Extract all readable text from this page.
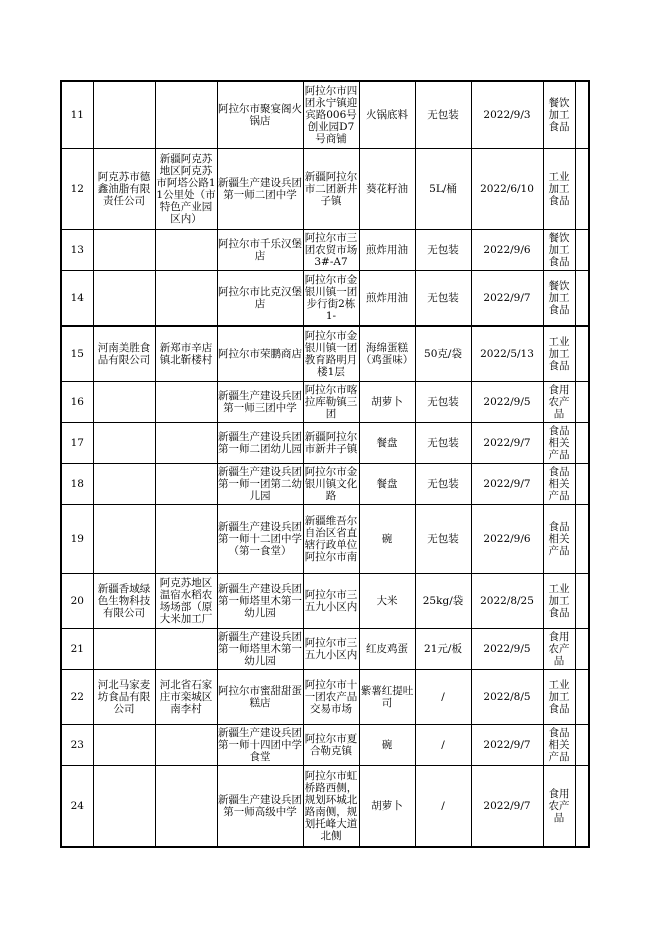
11			阿拉尔市聚宴阁火锅店	阿拉尔市四团永宁镇迎宾路006号创业园D7号商铺	火锅底料	无包装	2022/9/3	餐饮加工食品	

12	阿克苏市德鑫油脂有限责任公司	新疆阿克苏地区阿克苏市阿塔公路11公里处（市特色产业园区内）	新疆生产建设兵团第一师二团中学	新疆阿拉尔市二团新井子镇	葵花籽油	5L/桶	2022/6/10	工业加工食品	

13			阿拉尔市千乐汉堡店	阿拉尔市三团农贸市场3#-A7	煎炸用油	无包装	2022/9/6	餐饮加工食品	

14			阿拉尔市比克汉堡店	阿拉尔市金银川镇一团步行街2栋1-	煎炸用油	无包装	2022/9/7	餐饮加工食品	

15	河南美胜食品有限公司	新郑市辛店镇北靳楼村	阿拉尔市荣鹏商店	阿拉尔市金银川镇一团教育路明月楼1层	海绵蛋糕（鸡蛋味）	50克/袋	2022/5/13	工业加工食品	

16			新疆生产建设兵团第一师三团中学	阿拉尔市喀拉库勒镇三团	胡萝卜	无包装	2022/9/5	食用农产品	

17			新疆生产建设兵团第一师二团幼儿园	新疆阿拉尔市新井子镇	餐盘	无包装	2022/9/7	食品相关产品	

18			新疆生产建设兵团第一师一团第二幼儿园	阿拉尔市金银川镇文化路	餐盘	无包装	2022/9/7	食品相关产品	

19			新疆生产建设兵团第一师十二团中学（第一食堂）	新疆维吾尔自治区省直辖行政单位阿拉尔市南	碗	无包装	2022/9/6	食品相关产品	

20	新疆香域绿色生物科技有限公司	阿克苏地区温宿水稻农场场部（原大米加工厂	新疆生产建设兵团第一师塔里木第一幼儿园	阿拉尔市三五九小区内	大米	25kg/袋	2022/8/25	工业加工食品	

21			新疆生产建设兵团第一师塔里木第一幼儿园	阿拉尔市三五九小区内	红皮鸡蛋	21元/板	2022/9/5	食用农产品	

22	河北马家麦坊食品有限公司	河北省石家庄市栾城区南李村	阿拉尔市蜜甜甜蛋糕店	阿拉尔市十一团农产品交易市场	紫薯红提吐司	/	2022/8/5	工业加工食品	

23			新疆生产建设兵团第一师十四团中学食堂	阿拉尔市夏合勒克镇	碗	/	2022/9/7	食品相关产品	

24			新疆生产建设兵团第一师高级中学	阿拉尔市虹桥路西侧，规划环城北路南侧，规划托峰大道北侧	胡萝卜	/	2022/9/7	食用农产品	
